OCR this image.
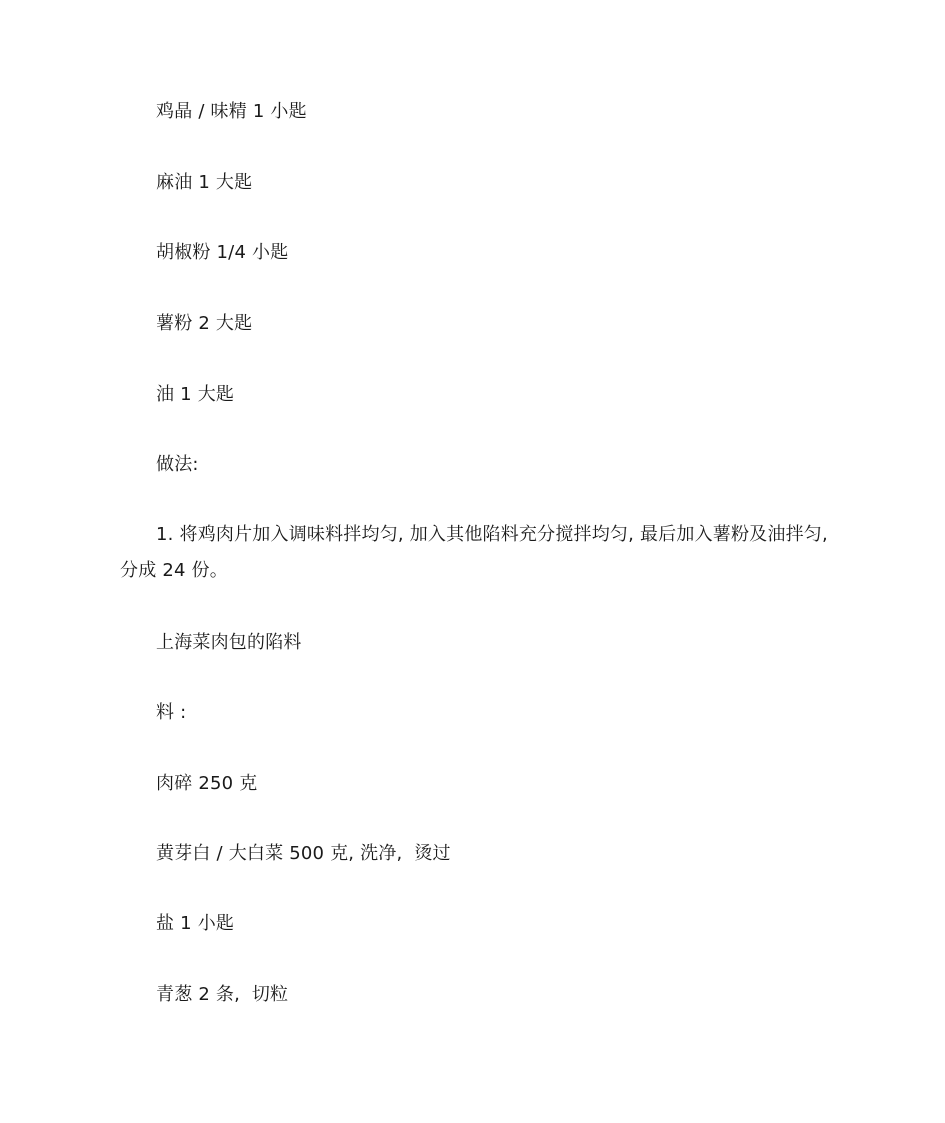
鸡晶 / 味精 1 小匙
麻油 1 大匙
胡椒粉 1/4 小匙
薯粉 2 大匙
油 1 大匙
做法:
1. 将鸡肉片加入调味料拌均匀, 加入其他陷料充分搅拌均匀, 最后加入薯粉及油拌匀, 分成 24 份。
上海菜肉包的陷料
料 :
肉碎 250 克
黄芽白 / 大白菜 500 克, 洗净,  烫过
盐 1 小匙
青葱 2 条,  切粒
